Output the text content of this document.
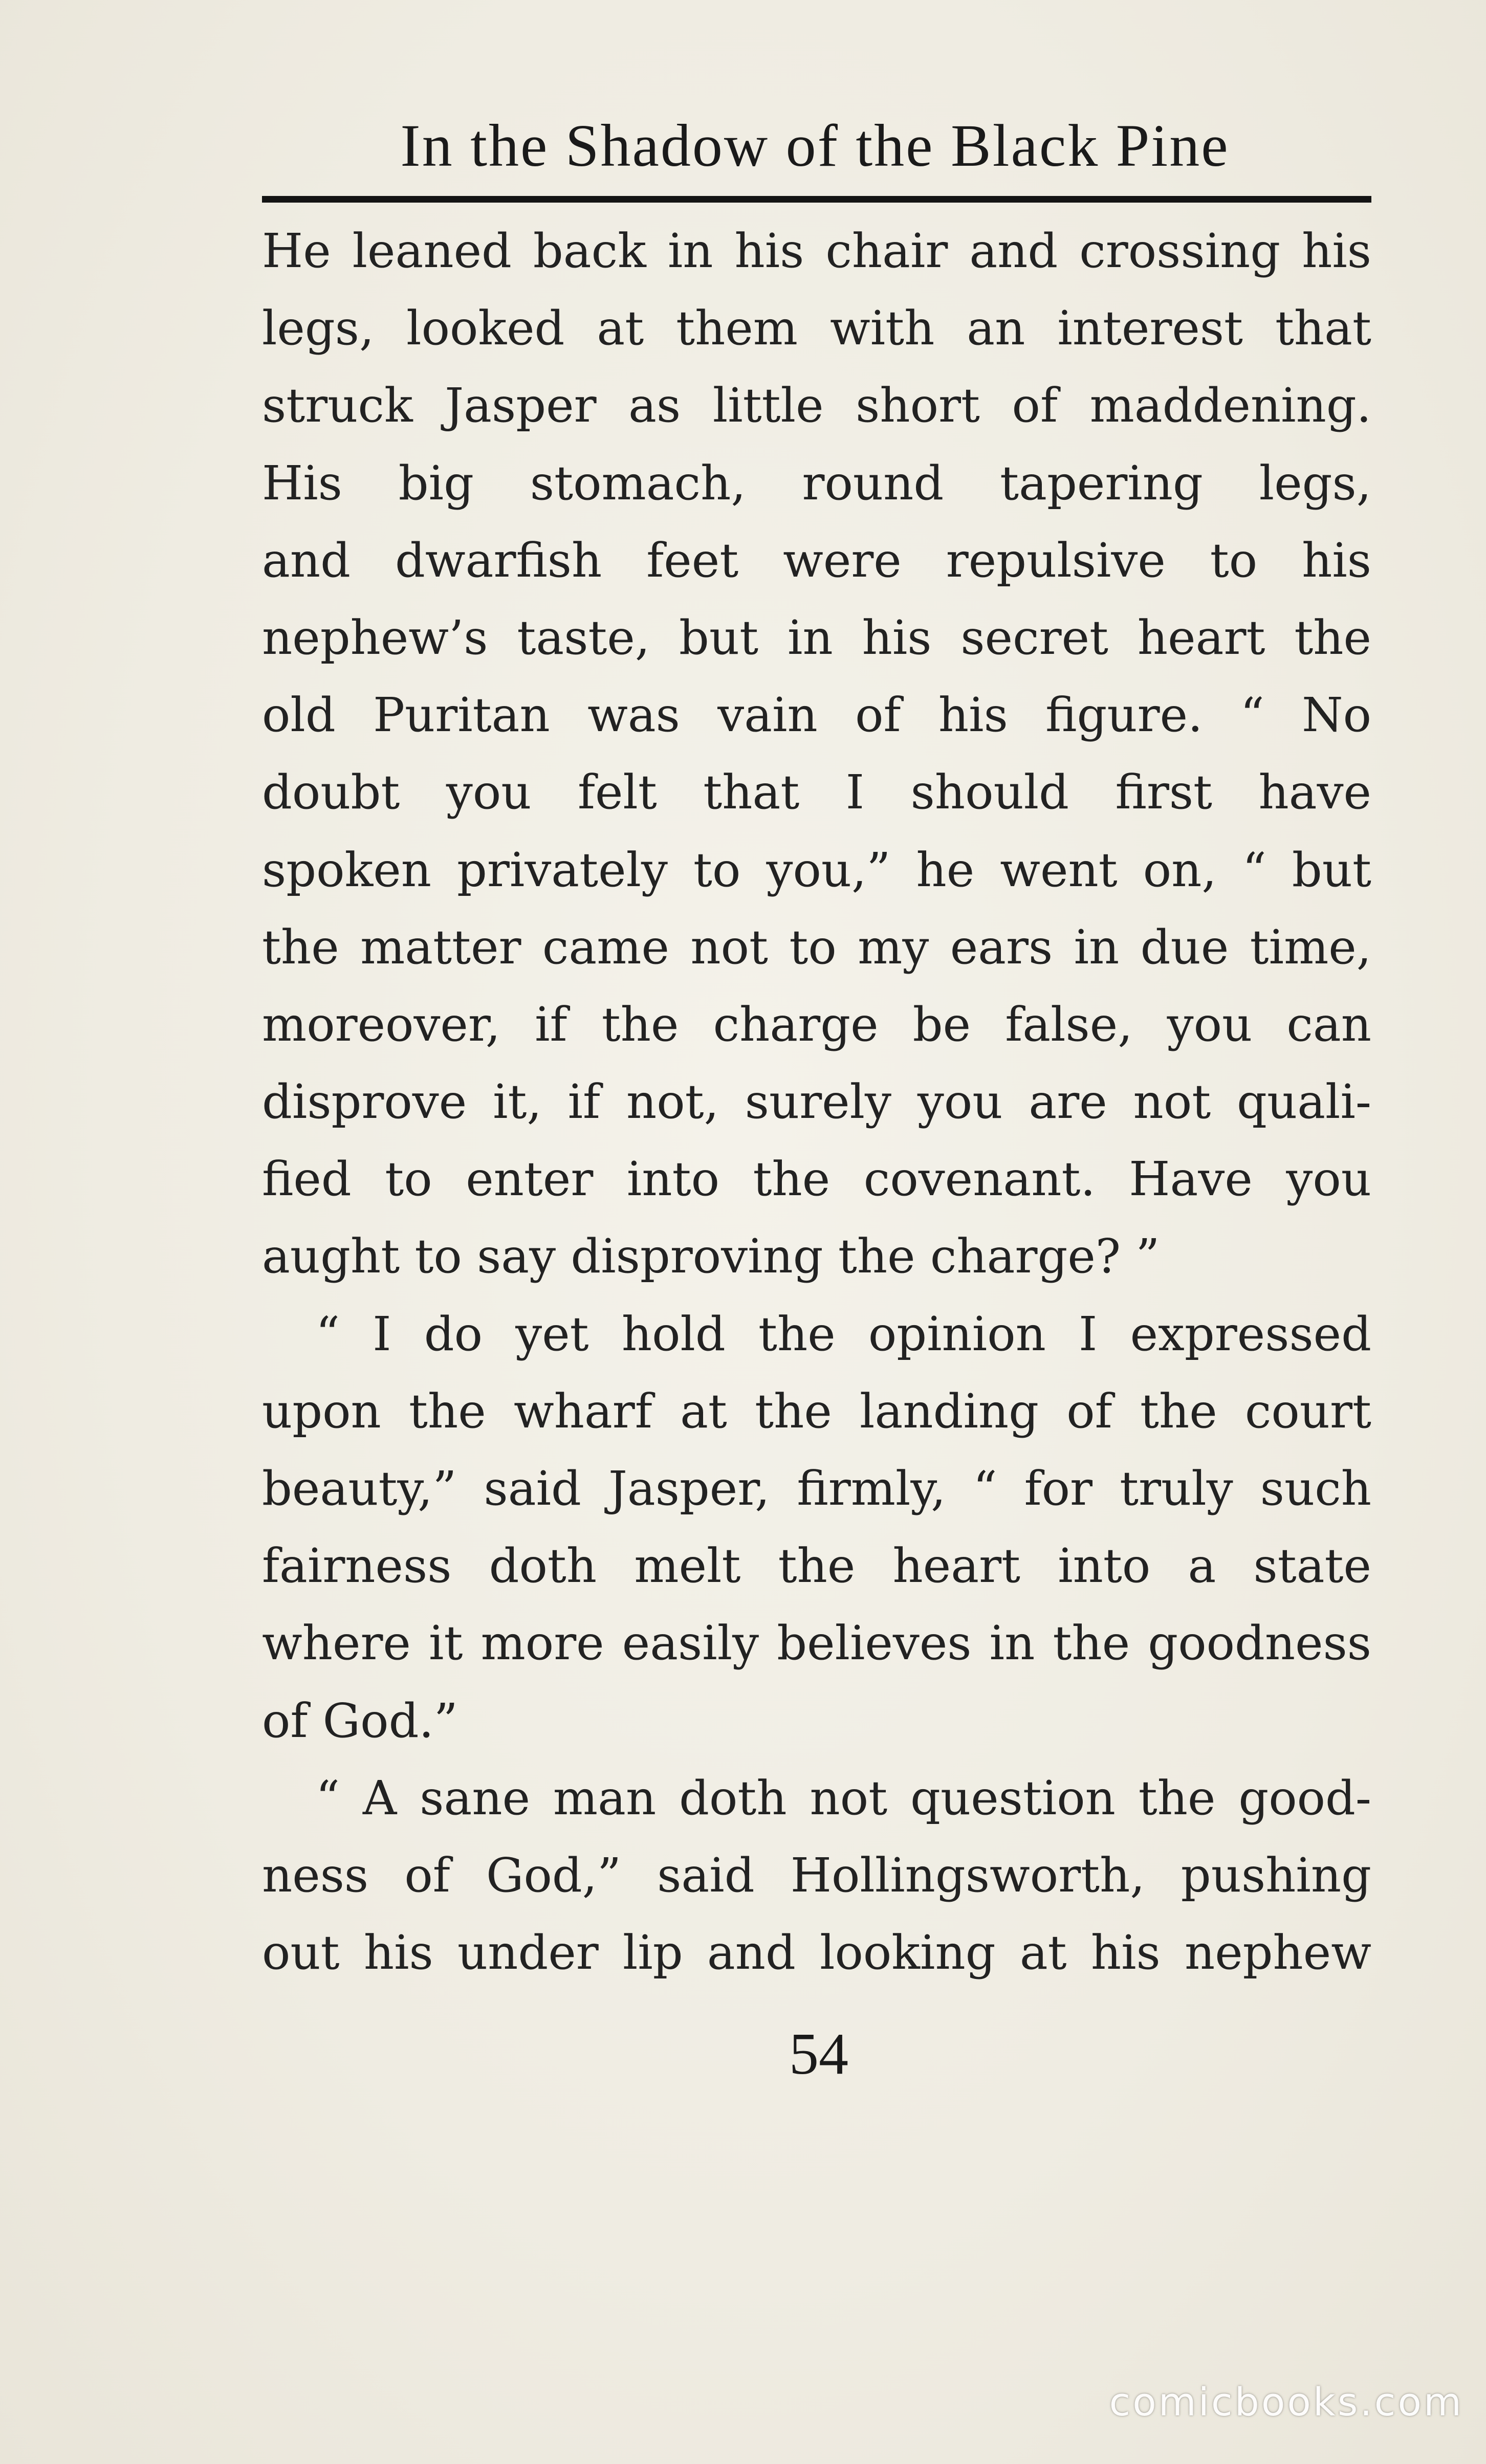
In the Shadow of the Black Pine
He leaned back in his chair and crossing his
legs, looked at them with an interest that
struck Jasper as little short of maddening.
His big stomach, round tapering legs,
and dwarfish feet were repulsive to his
nephew’s taste, but in his secret heart the
old Puritan was vain of his figure. “ No
doubt you felt that I should first have
spoken privately to you,” he went on, “ but
the matter came not to my ears in due time,
moreover, if the charge be false, you can
disprove it, if not, surely you are not quali-
fied to enter into the covenant. Have you
aught to say disproving the charge? ”
“ I do yet hold the opinion I expressed
upon the wharf at the landing of the court
beauty,” said Jasper, firmly, “ for truly such
fairness doth melt the heart into a state
where it more easily believes in the goodness
of God.”
“ A sane man doth not question the good-
ness of God,” said Hollingsworth, pushing
out his under lip and looking at his nephew
54
comicbooks.com
